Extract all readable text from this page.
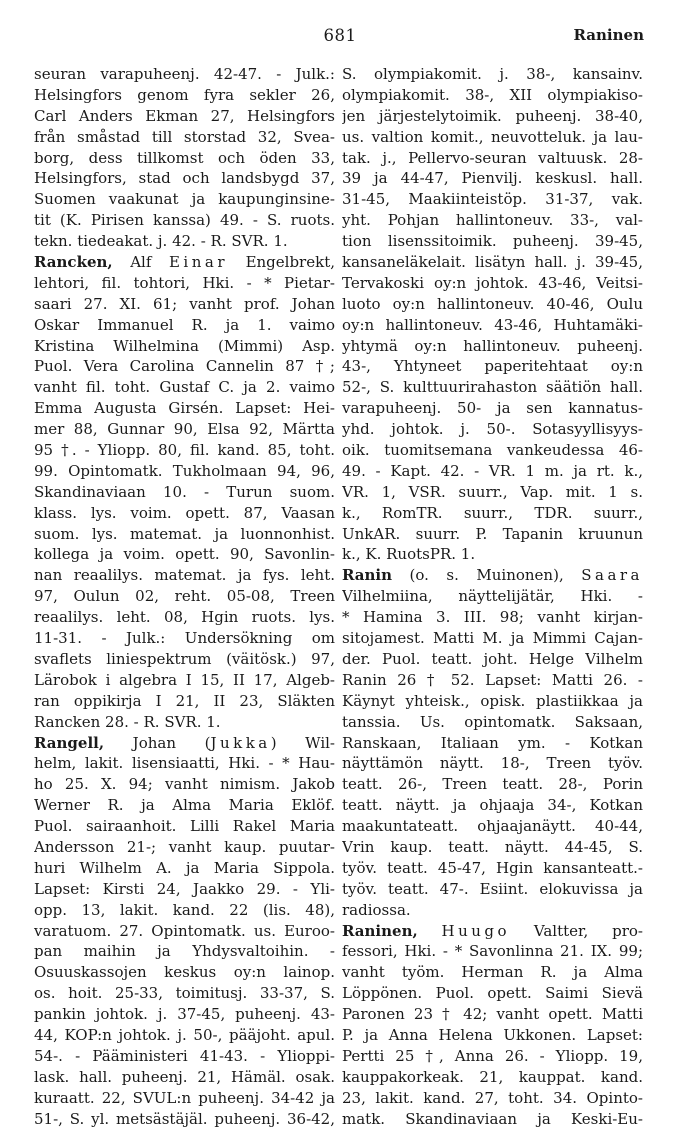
681	Raninen
seuran varapuheenj. 42-47. - Julk.:
Helsingfors genom fyra sekler 26,
Carl Anders Ekman 27, Helsingfors
från småstad till storstad 32, Svea-
borg, dess tillkomst och öden 33,
Helsingfors, stad och landsbygd 37,
Suomen vaakunat ja kaupunginsine-
tit (K. Pirisen kanssa) 49. - S. ruots.
tekn. tiedeakat. j. 42. - R. SVR. 1.
Rancken, Alf Einar Engelbrekt,
lehtori, fil. tohtori, Hki. - * Pietar-
saari 27. XI. 61; vanht prof. Johan
Oskar Immanuel R. ja 1. vaimo
Kristina Wilhelmina (Mimmi) Asp.
Puol. Vera Carolina Cannelin 87 †;
vanht fil. toht. Gustaf C. ja 2. vaimo
Emma Augusta Girsén. Lapset: Hei-
mer 88, Gunnar 90, Elsa 92, Märtta
95 †. - Yliopp. 80, fil. kand. 85, toht.
99. Opintomatk. Tukholmaan 94, 96,
Skandinaviaan 10. - Turun suom.
klass. lys. voim. opett. 87, Vaasan
suom. lys. matemat. ja luonnonhist.
kollega ja voim. opett. 90, Savonlin-
nan reaalilys. matemat. ja fys. leht.
97, Oulun 02, reht. 05-08, Treen
reaalilys. leht. 08, Hgin ruots. lys.
11-31. - Julk.: Undersökning om
svaflets liniespektrum (väitösk.) 97,
Lärobok i algebra I 15, II 17, Algeb-
ran oppikirja I 21, II 23, Släkten
Rancken 28. - R. SVR. 1.
Rangell, Johan (Jukka) Wil-
helm, lakit. lisensiaatti, Hki. - * Hau-
ho 25. X. 94; vanht nimism. Jakob
Werner R. ja Alma Maria Eklöf.
Puol. sairaanhoit. Lilli Rakel Maria
Andersson 21-; vanht kaup. puutar-
huri Wilhelm A. ja Maria Sippola.
Lapset: Kirsti 24, Jaakko 29. - Yli-
opp. 13, lakit. kand. 22 (lis. 48),
varatuom. 27. Opintomatk. us. Euroo-
pan maihin ja Yhdysvaltoihin. -
Osuuskassojen keskus oy:n lainop.
os. hoit. 25-33, toimitusj. 33-37, S.
pankin johtok. j. 37-45, puheenj. 43-
44, KOP:n johtok. j. 50-, pääjoht. apul.
54-. - Pääministeri 41-43. - Ylioppi-
lask. hall. puheenj. 21, Hämäl. osak.
kuraatt. 22, SVUL:n puheenj. 34-42 ja
51-, S. yl. metsästäjäl. puheenj. 36-42,
S. olympiakomit. j. 38-, kansainv.
olympiakomit. 38-, XII olympiakiso-
jen järjestelytoimik. puheenj. 38-40,
us. valtion komit., neuvotteluk. ja lau-
tak. j., Pellervo-seuran valtuusk. 28-
39 ja 44-47, Pienvilj. keskusl. hall.
31-45, Maakiinteistöp. 31-37, vak.
yht. Pohjan hallintoneuv. 33-, val-
tion lisenssitoimik. puheenj. 39-45,
kansaneläkelait. lisätyn hall. j. 39-45,
Tervakoski oy:n johtok. 43-46, Veitsi-
luoto oy:n hallintoneuv. 40-46, Oulu
oy:n hallintoneuv. 43-46, Huhtamäki-
yhtymä oy:n hallintoneuv. puheenj.
43-, Yhtyneet paperitehtaat oy:n
52-, S. kulttuurirahaston säätiön hall.
varapuheenj. 50- ja sen kannatus-
yhd. johtok. j. 50-. Sotasyyllisyys-
oik. tuomitsemana vankeudessa 46-
49. - Kapt. 42. - VR. 1 m. ja rt. k.,
VR. 1, VSR. suurr., Vap. mit. 1 s.
k., RomTR. suurr., TDR. suurr.,
UnkAR. suurr. P. Tapanin kruunun
k., K. RuotsPR. 1.
Ranin (o. s. Muinonen), Saara
Vilhelmiina, näyttelijätär, Hki. -
* Hamina 3. III. 98; vanht kirjan-
sitojamest. Matti M. ja Mimmi Cajan-
der. Puol. teatt. joht. Helge Vilhelm
Ranin 26 † 52. Lapset: Matti 26. -
Käynyt yhteisk., opisk. plastiikkaa ja
tanssia. Us. opintomatk. Saksaan,
Ranskaan, Italiaan ym. - Kotkan
näyttämön näytt. 18-, Treen työv.
teatt. 26-, Treen teatt. 28-, Porin
teatt. näytt. ja ohjaaja 34-, Kotkan
maakuntateatt. ohjaajanäytt. 40-44,
Vrin kaup. teatt. näytt. 44-45, S.
työv. teatt. 45-47, Hgin kansanteatt.-
työv. teatt. 47-. Esiint. elokuvissa ja
radiossa.
Raninen, Huugo Valtter, pro-
fessori, Hki. - * Savonlinna 21. IX. 99;
vanht työm. Herman R. ja Alma
Löppönen. Puol. opett. Saimi Sievä
Paronen 23 † 42; vanht opett. Matti
P. ja Anna Helena Ukkonen. Lapset:
Pertti 25 †, Anna 26. - Yliopp. 19,
kauppakorkeak. 21, kauppat. kand.
23, lakit. kand. 27, toht. 34. Opinto-
matk. Skandinaviaan ja Keski-Eu-
